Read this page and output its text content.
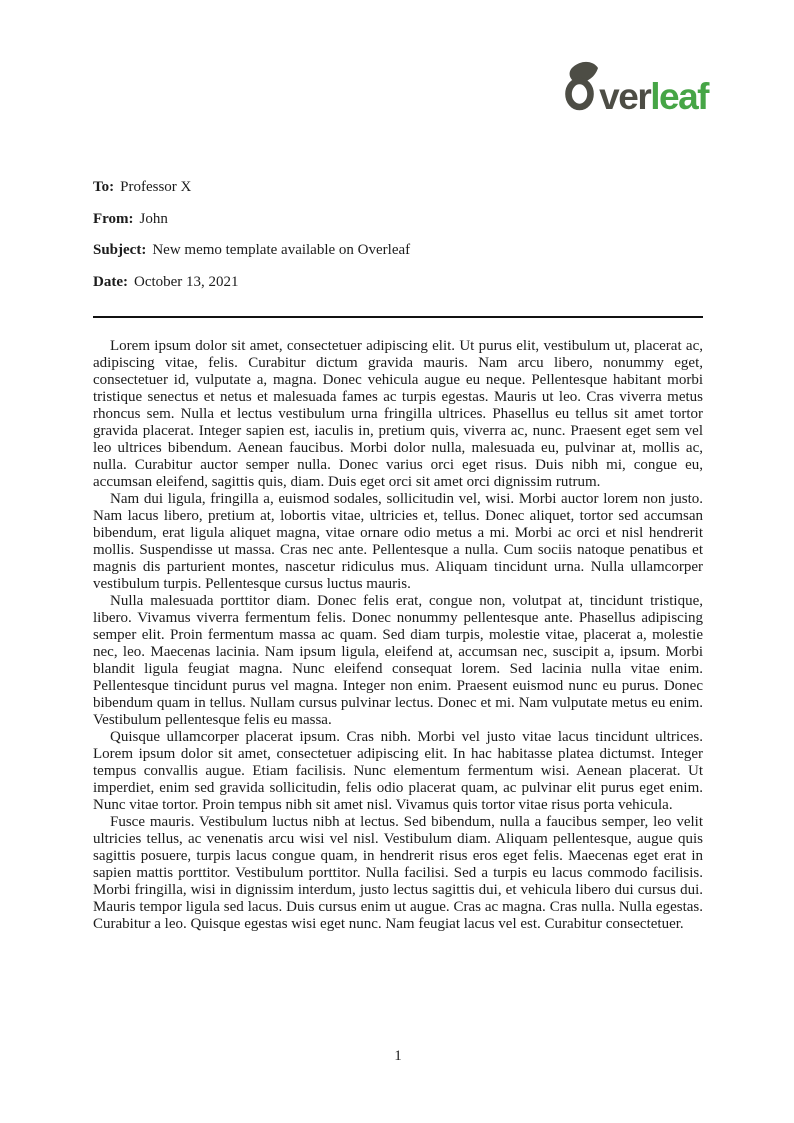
verleaf

To: Professor X

From: John

Subject: New memo template available on Overleaf

Date: October 13, 2021

Lorem ipsum dolor sit amet, consectetuer adipiscing elit. Ut purus elit, vestibulum ut, placerat ac, adipiscing vitae, felis. Curabitur dictum gravida mauris. Nam arcu libero, nonummy eget, consectetuer id, vulputate a, magna. Donec vehicula augue eu neque. Pellentesque habitant morbi tristique senectus et netus et malesuada fames ac turpis egestas. Mauris ut leo. Cras viverra metus rhoncus sem. Nulla et lectus vestibulum urna fringilla ultrices. Phasellus eu tellus sit amet tortor gravida placerat. Integer sapien est, iaculis in, pretium quis, viverra ac, nunc. Praesent eget sem vel leo ultrices bibendum. Aenean faucibus. Morbi dolor nulla, malesuada eu, pulvinar at, mollis ac, nulla. Curabitur auctor semper nulla. Donec varius orci eget risus. Duis nibh mi, congue eu, accumsan eleifend, sagittis quis, diam. Duis eget orci sit amet orci dignissim rutrum.

Nam dui ligula, fringilla a, euismod sodales, sollicitudin vel, wisi. Morbi auctor lorem non justo. Nam lacus libero, pretium at, lobortis vitae, ultricies et, tellus. Donec aliquet, tortor sed accumsan bibendum, erat ligula aliquet magna, vitae ornare odio metus a mi. Morbi ac orci et nisl hendrerit mollis. Suspendisse ut massa. Cras nec ante. Pellentesque a nulla. Cum sociis natoque penatibus et magnis dis parturient montes, nascetur ridiculus mus. Aliquam tincidunt urna. Nulla ullamcorper vestibulum turpis. Pellentesque cursus luctus mauris.

Nulla malesuada porttitor diam. Donec felis erat, congue non, volutpat at, tincidunt tristique, libero. Vivamus viverra fermentum felis. Donec nonummy pellentesque ante. Phasellus adipiscing semper elit. Proin fermentum massa ac quam. Sed diam turpis, molestie vitae, placerat a, molestie nec, leo. Maecenas lacinia. Nam ipsum ligula, eleifend at, accumsan nec, suscipit a, ipsum. Morbi blandit ligula feugiat magna. Nunc eleifend consequat lorem. Sed lacinia nulla vitae enim. Pellentesque tincidunt purus vel magna. Integer non enim. Praesent euismod nunc eu purus. Donec bibendum quam in tellus. Nullam cursus pulvinar lectus. Donec et mi. Nam vulputate metus eu enim. Vestibulum pellentesque felis eu massa.

Quisque ullamcorper placerat ipsum. Cras nibh. Morbi vel justo vitae lacus tincidunt ultrices. Lorem ipsum dolor sit amet, consectetuer adipiscing elit. In hac habitasse platea dictumst. Integer tempus convallis augue. Etiam facilisis. Nunc elementum fermentum wisi. Aenean placerat. Ut imperdiet, enim sed gravida sollicitudin, felis odio placerat quam, ac pulvinar elit purus eget enim. Nunc vitae tortor. Proin tempus nibh sit amet nisl. Vivamus quis tortor vitae risus porta vehicula.

Fusce mauris. Vestibulum luctus nibh at lectus. Sed bibendum, nulla a faucibus semper, leo velit ultricies tellus, ac venenatis arcu wisi vel nisl. Vestibulum diam. Aliquam pellentesque, augue quis sagittis posuere, turpis lacus congue quam, in hendrerit risus eros eget felis. Maecenas eget erat in sapien mattis porttitor. Vestibulum porttitor. Nulla facilisi. Sed a turpis eu lacus commodo facilisis. Morbi fringilla, wisi in dignissim interdum, justo lectus sagittis dui, et vehicula libero dui cursus dui. Mauris tempor ligula sed lacus. Duis cursus enim ut augue. Cras ac magna. Cras nulla. Nulla egestas. Curabitur a leo. Quisque egestas wisi eget nunc. Nam feugiat lacus vel est. Curabitur consectetuer.

1
